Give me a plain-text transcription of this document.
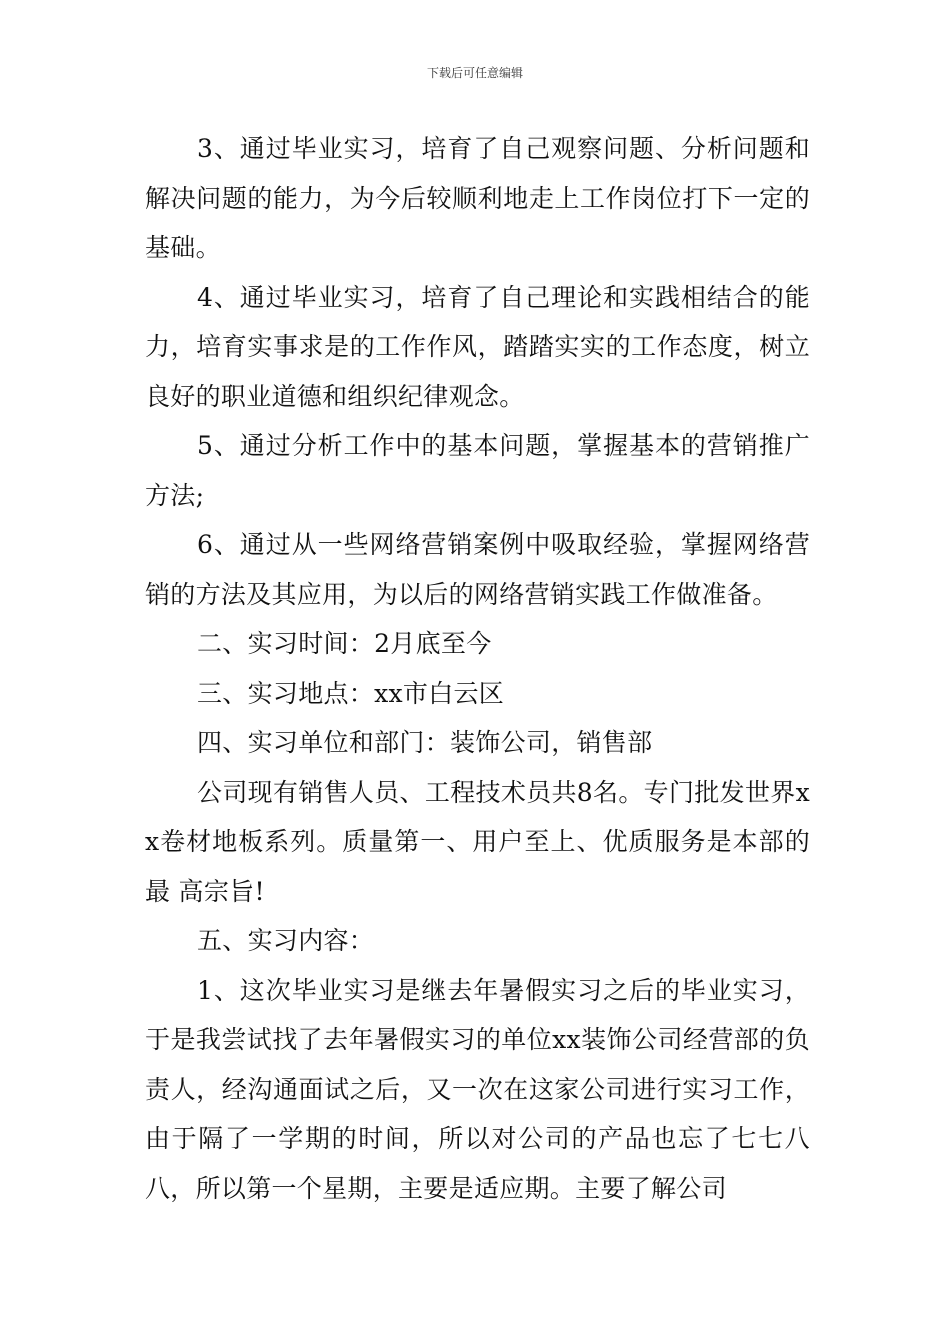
下载后可任意编辑

3、通过毕业实习，培育了自己观察问题、分析问题和解决问题的能力，为今后较顺利地走上工作岗位打下一定的基础。

4、通过毕业实习，培育了自己理论和实践相结合的能力，培育实事求是的工作作风，踏踏实实的工作态度，树立良好的职业道德和组织纪律观念。

5、通过分析工作中的基本问题，掌握基本的营销推广方法;

6、通过从一些网络营销案例中吸取经验，掌握网络营销的方法及其应用，为以后的网络营销实践工作做准备。

二、实习时间：2月底至今

三、实习地点：xx市白云区

四、实习单位和部门：装饰公司，销售部

公司现有销售人员、工程技术员共8名。专门批发世界xx卷材地板系列。质量第一、用户至上、优质服务是本部的最 高宗旨!

五、实习内容：

1、这次毕业实习是继去年暑假实习之后的毕业实习，于是我尝试找了去年暑假实习的单位xx装饰公司经营部的负责人，经沟通面试之后，又一次在这家公司进行实习工作，由于隔了一学期的时间，所以对公司的产品也忘了七七八八，所以第一个星期，主要是适应期。主要了解公司
